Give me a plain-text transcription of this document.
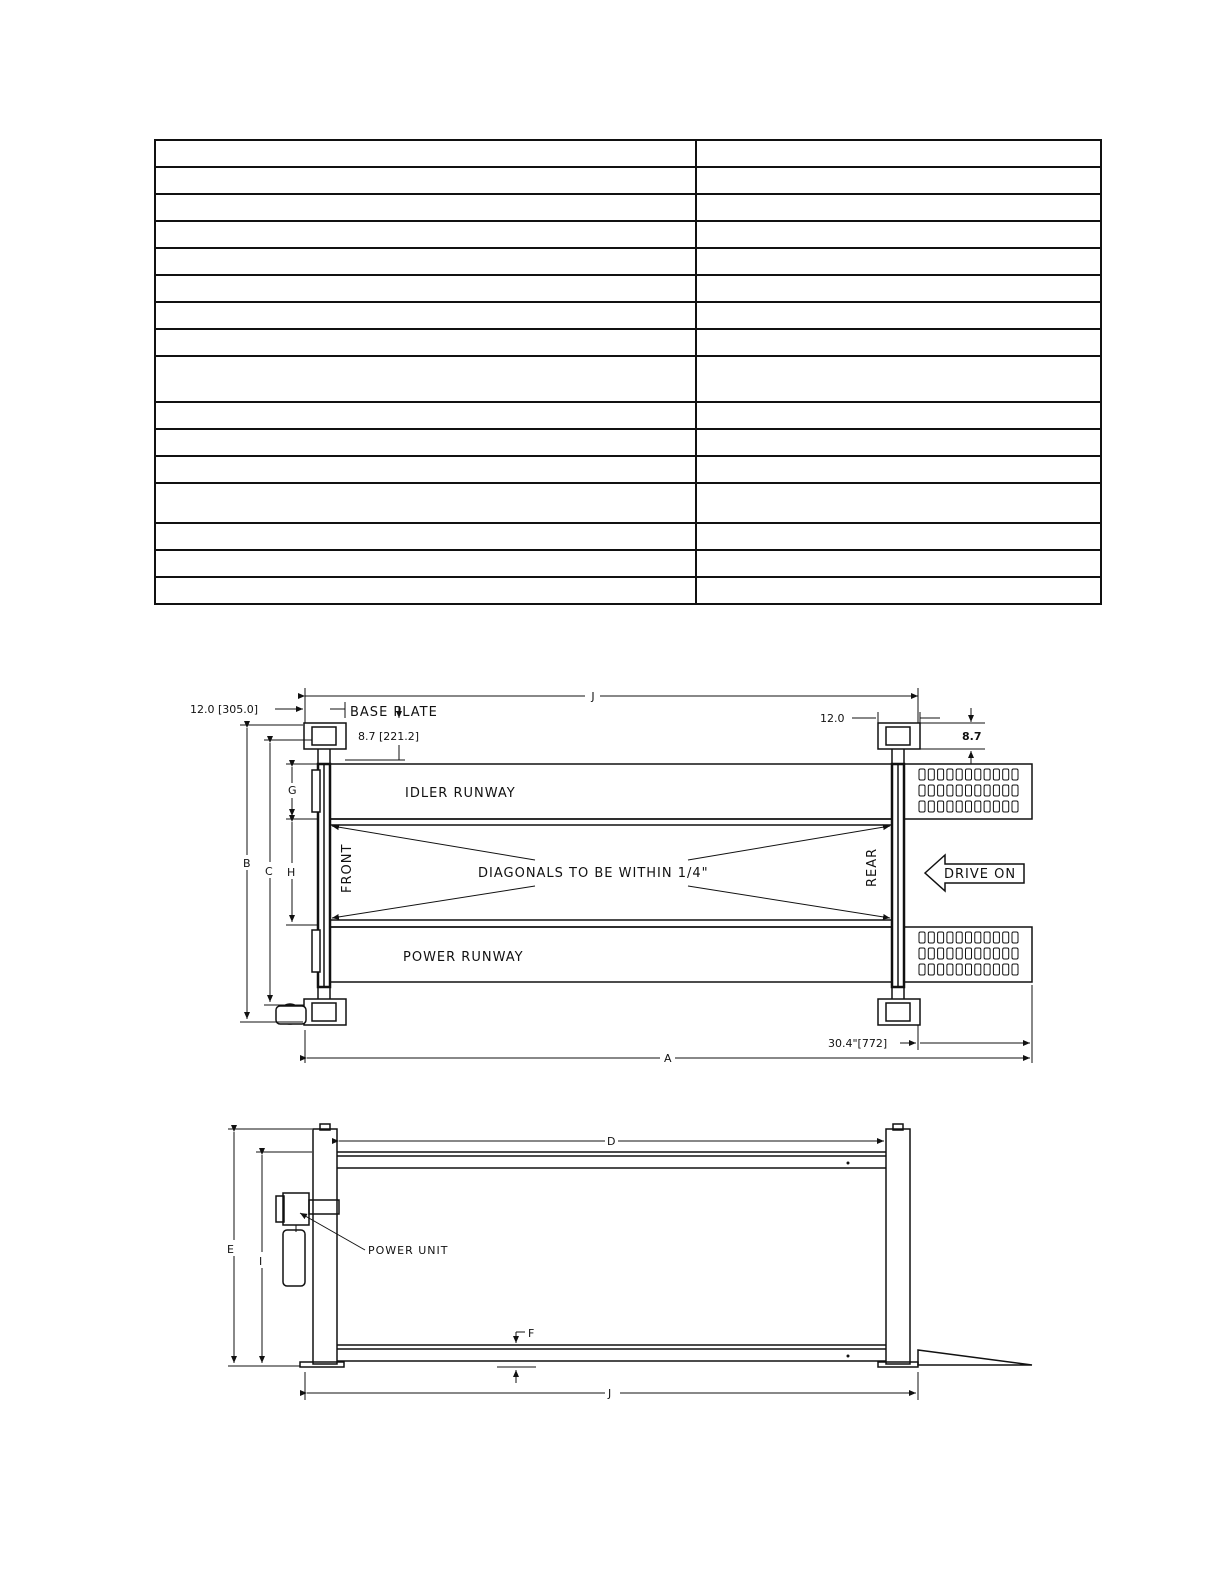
J
12.0 [305.0]	BASE PLATE
8.7 [221.2]
12.0
8.7
IDLER RUNWAY
POWER RUNWAY
DIAGONALS TO BE WITHIN 1/4"
FRONT	REAR	DRIVE ON
B
C
G
H
A
30.4"[772]
D
POWER UNIT
E
I
F
J
